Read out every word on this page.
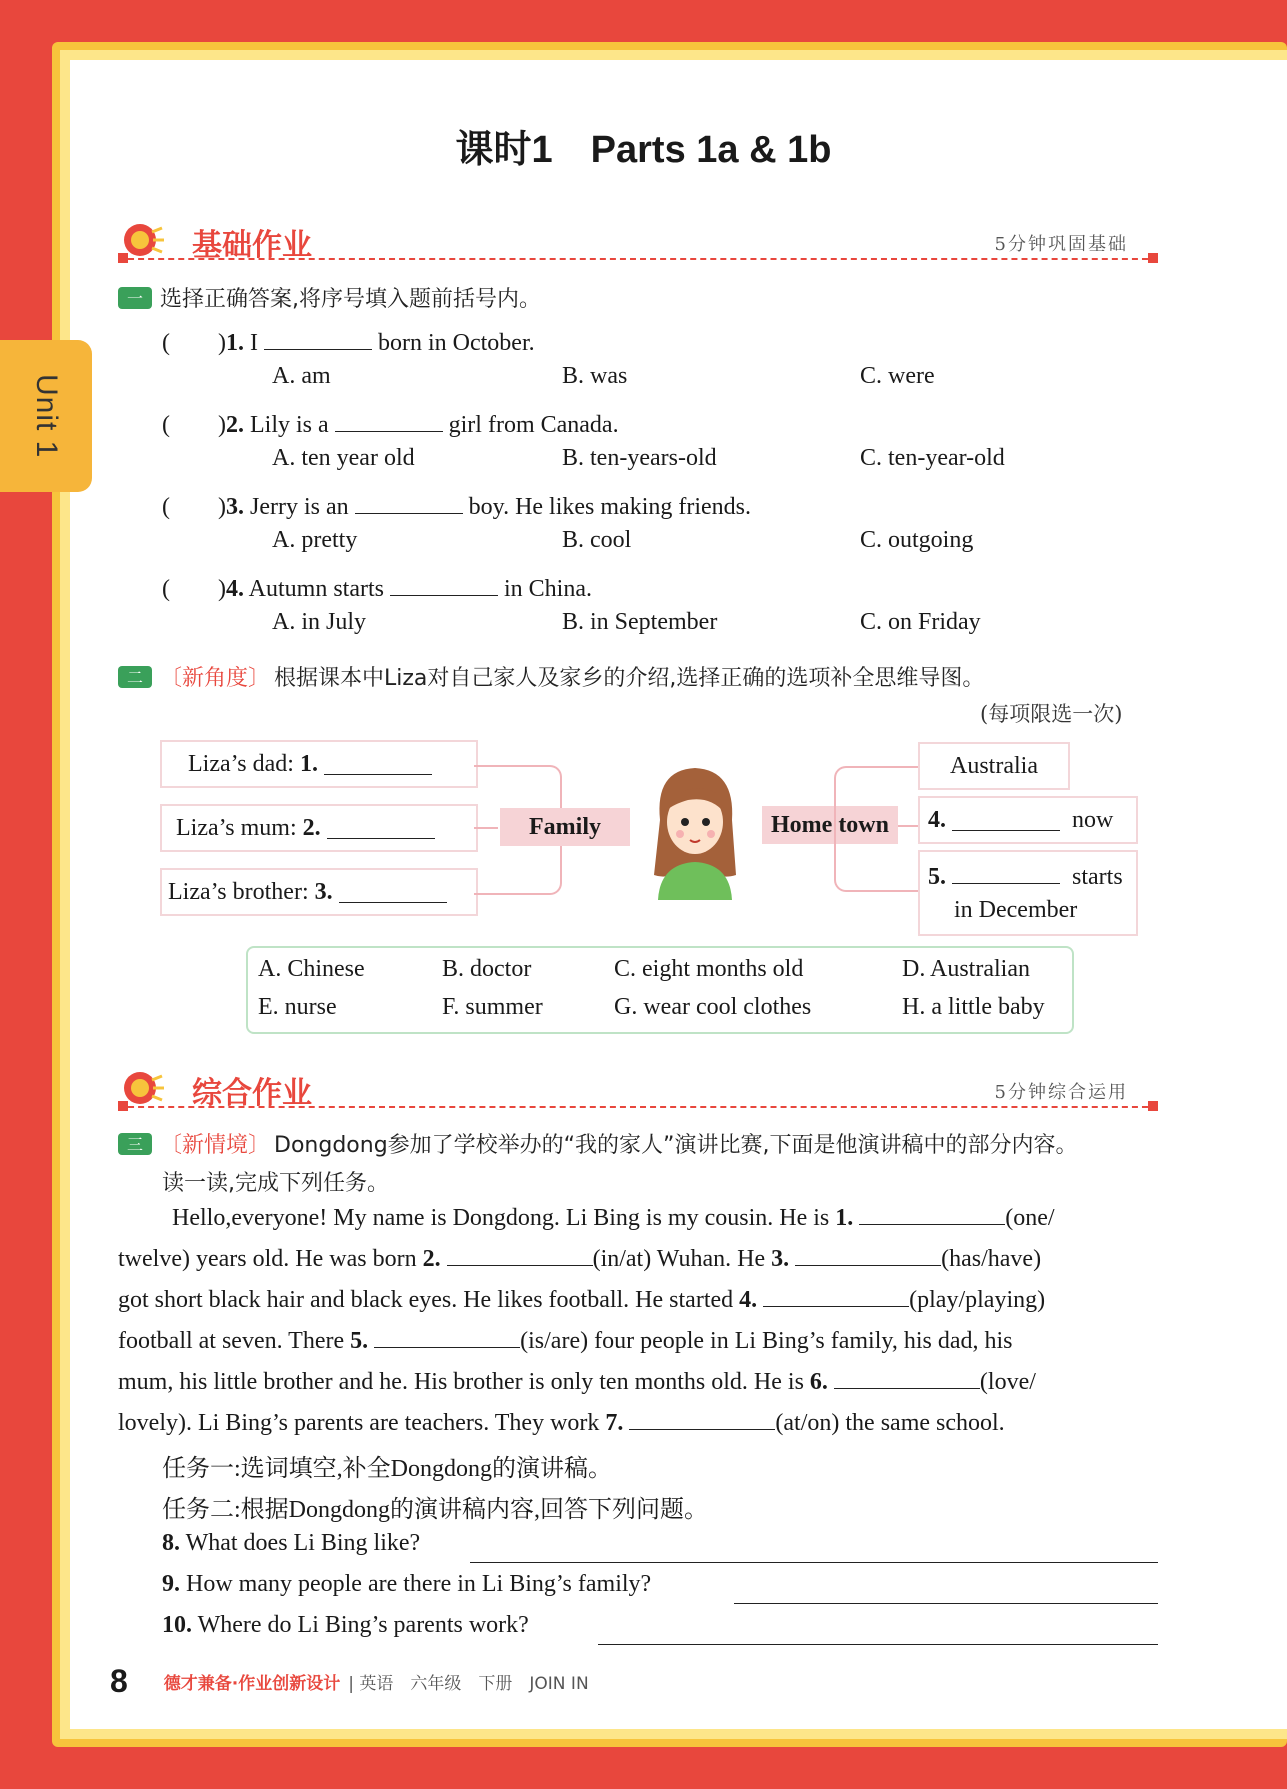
Unit 1
课时1　Parts 1a & 1b
基础作业	5分钟巩固基础
一 选择正确答案,将序号填入题前括号内。
(　　)1. I	born in October.
A. am	B. was	C. were
(　　)2. Lily is a	girl from Canada.
A. ten year old	B. ten-years-old	C. ten-year-old
(　　)3. Jerry is an	boy. He likes making friends.
A. pretty	B. cool	C. outgoing
(　　)4. Autumn starts	in China.
A. in July	B. in September	C. on Friday
二 〔新角度〕 根据课本中Liza对自己家人及家乡的介绍,选择正确的选项补全思维导图。
(每项限选一次)
Liza’s dad:
1.

Liza’s mum:
2.

Liza’s brother:
3.

Family	Home town
Australia
4.

	now
5.	starts
in December
A. Chinese	B. doctor	C. eight months old	D. Australian
E. nurse	F. summer	G. wear cool clothes	H. a little baby
综合作业	5分钟综合运用
三 〔新情境〕 Dongdong参加了学校举办的“我的家人”演讲比赛,下面是他演讲稿中的部分内容。
读一读,完成下列任务。
Hello,everyone! My name is Dongdong. Li Bing is my cousin. He is 1.	(one/
twelve) years old. He was born 2.	(in/at) Wuhan. He 3.	(has/have)
got short black hair and black eyes. He likes football. He started 4.	(play/playing)
football at seven. There 5.	(is/are) four people in Li Bing’s family, his dad, his
mum, his little brother and he. His brother is only ten months old. He is 6.	(love/
lovely). Li Bing’s parents are teachers. They work 7.	(at/on) the same school.
任务一:选词填空,补全Dongdong的演讲稿。
任务二:根据Dongdong的演讲稿内容,回答下列问题。
8. What does Li Bing like?
9. How many people are there in Li Bing’s family?
10. Where do Li Bing’s parents work?
8 德才兼备·作业创新设计 | 英语　六年级　下册　JOIN IN
